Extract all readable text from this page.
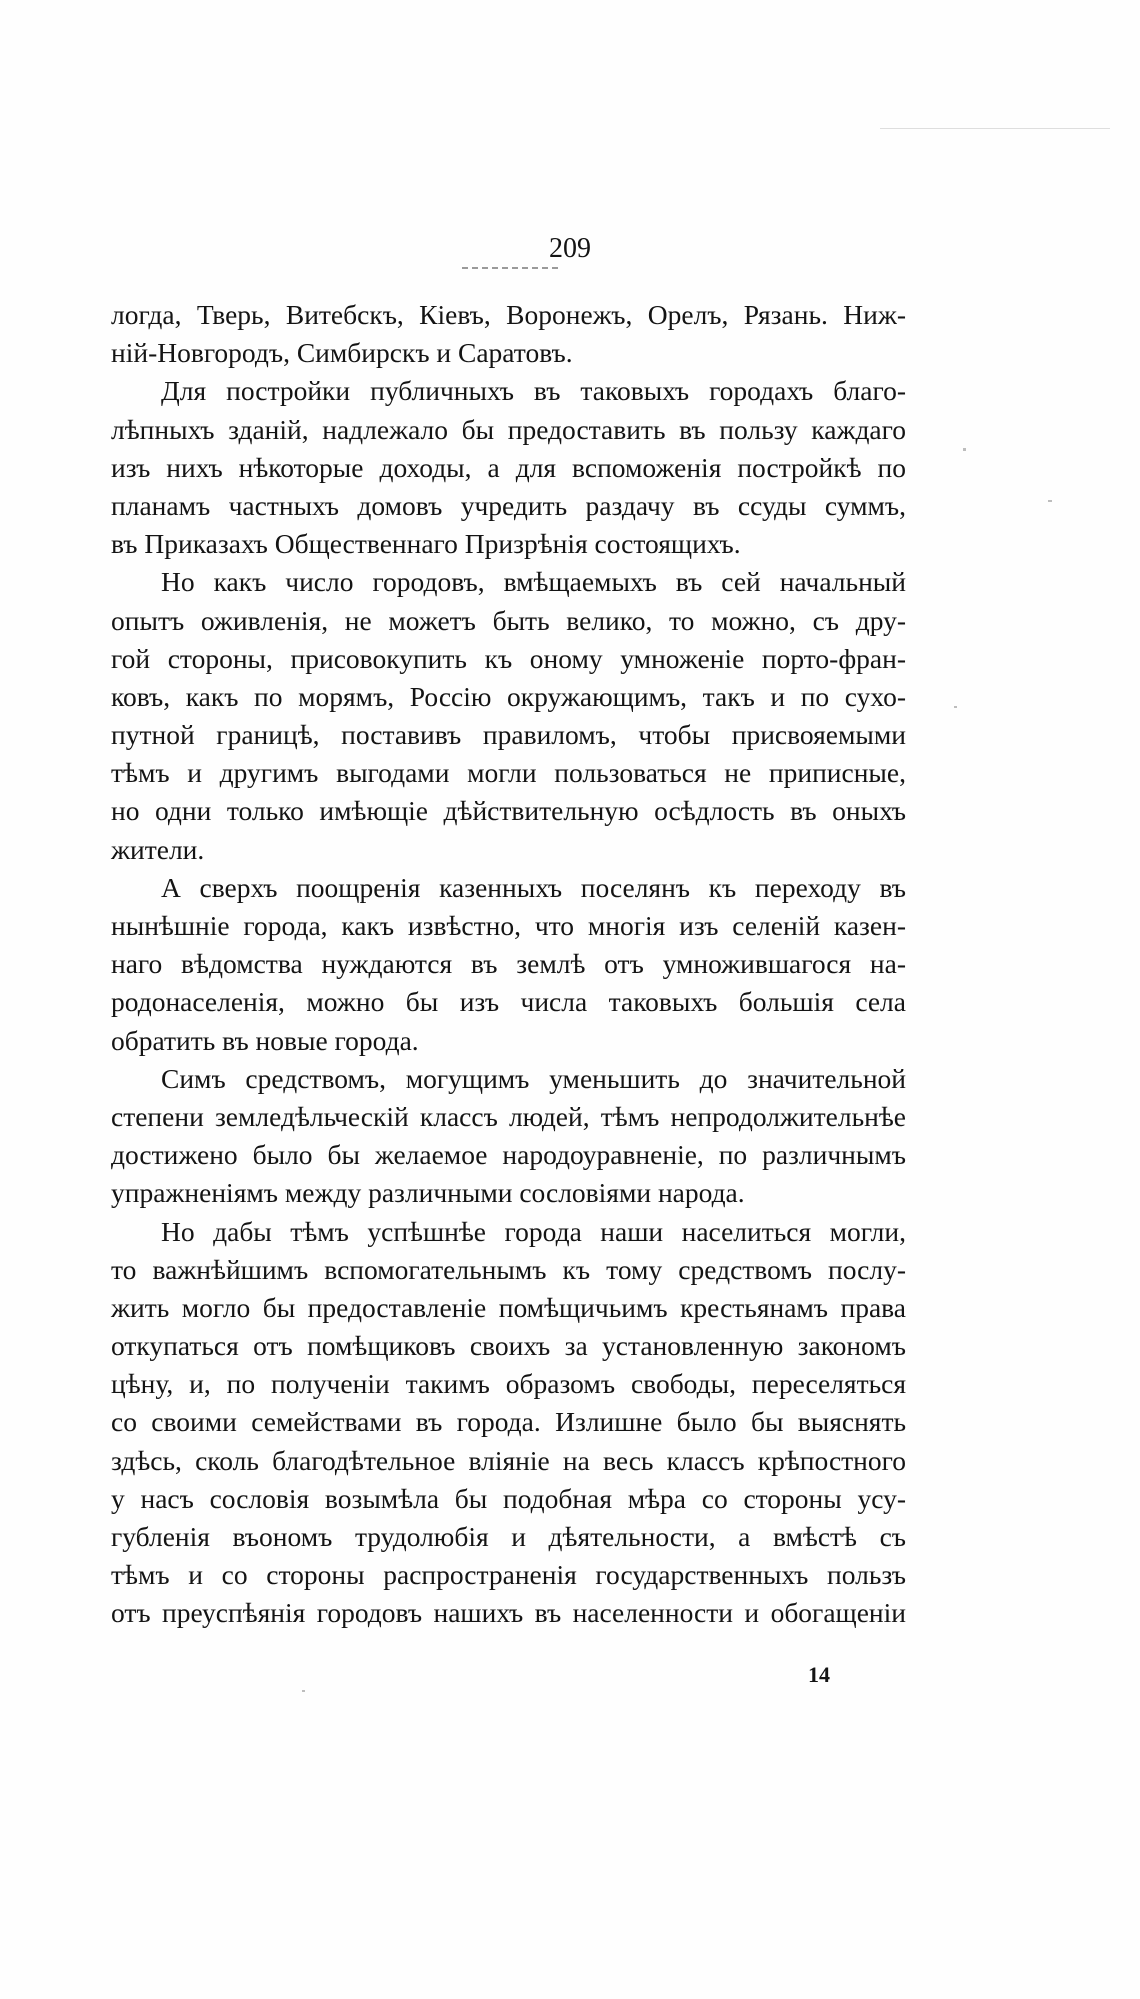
209
логда, Тверь, Витебскъ, Кiевъ, Воронежъ, Орелъ, Рязань. Ниж-
нiй-Новгородъ, Симбирскъ и Саратовъ.
Для постройки публичныхъ въ таковыхъ городахъ благо-
лѣпныхъ зданiй, надлежало бы предоставить въ пользу каждаго
изъ нихъ нѣкоторые доходы, а для вспоможенiя постройкѣ по
планамъ частныхъ домовъ учредить раздачу въ ссуды суммъ,
въ Приказахъ Общественнаго Призрѣнiя состоящихъ.
Но какъ число городовъ, вмѣщаемыхъ въ сей начальный
опытъ оживленiя, не можетъ быть велико, то можно, съ дру-
гой стороны, присовокупить къ оному умноженiе порто-фран-
ковъ, какъ по морямъ, Россiю окружающимъ, такъ и по сухо-
путной границѣ, поставивъ правиломъ, чтобы присвояемыми
тѣмъ и другимъ выгодами могли пользоваться не приписные,
но одни только имѣющiе дѣйствительную осѣдлость въ оныхъ
жители.
А сверхъ поощренiя казенныхъ поселянъ къ переходу въ
нынѣшнiе города, какъ извѣстно, что многiя изъ селенiй казен-
наго вѣдомства нуждаются въ землѣ отъ умножившагося на-
родонаселенiя, можно бы изъ числа таковыхъ большiя села
обратить въ новые города.
Симъ средствомъ, могущимъ уменьшить до значительной
степени земледѣльческiй классъ людей, тѣмъ непродолжительнѣе
достижено было бы желаемое народоуравненiе, по различнымъ
упражненiямъ между различными сословiями народа.
Но дабы тѣмъ успѣшнѣе города наши населиться могли,
то важнѣйшимъ вспомогательнымъ къ тому средствомъ послу-
жить могло бы предоставленiе помѣщичьимъ крестьянамъ права
откупаться отъ помѣщиковъ своихъ за установленную закономъ
цѣну, и, по полученiи такимъ образомъ свободы, переселяться
со своими семействами въ города. Излишне было бы выяснять
здѣсь, сколь благодѣтельное влiянiе на весь классъ крѣпостного
у насъ сословiя возымѣла бы подобная мѣра со стороны усу-
губленiя въономъ трудолюбiя и дѣятельности, а вмѣстѣ съ
тѣмъ и со стороны распространенiя государственныхъ пользъ
отъ преуспѣянiя городовъ нашихъ въ населенности и обогащенiи
14
